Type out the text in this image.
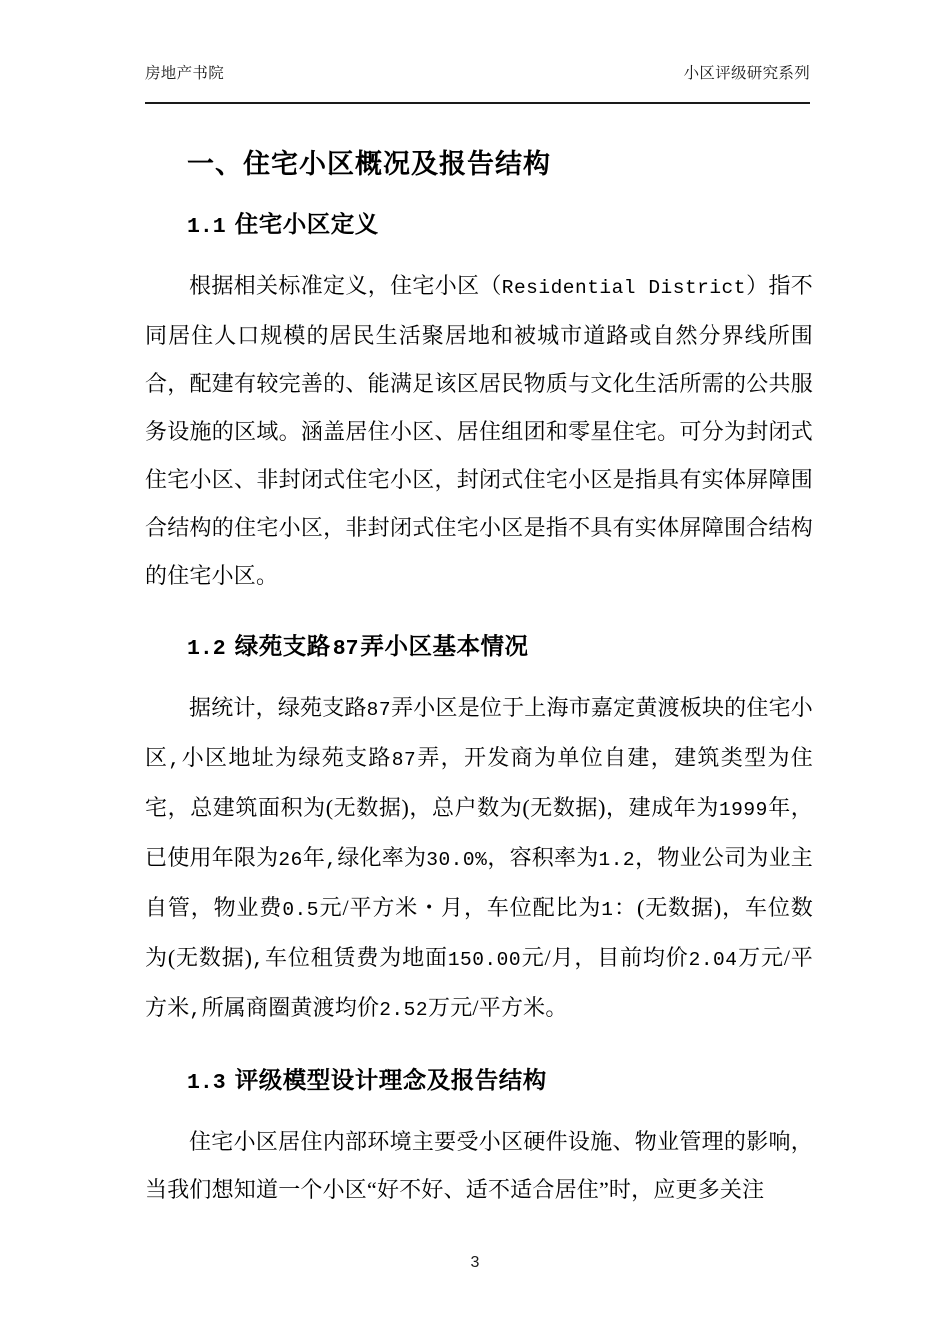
房地产书院	小区评级研究系列
一、住宅小区概况及报告结构
1.1 住宅小区定义

根据相关标准定义，住宅小区（Residential District）指不同居住人口规模的居民生活聚居地和被城市道路或自然分界线所围合，配建有较完善的、能满足该区居民物质与文化生活所需的公共服务设施的区域。涵盖居住小区、居住组团和零星住宅。可分为封闭式住宅小区、非封闭式住宅小区，封闭式住宅小区是指具有实体屏障围合结构的住宅小区，非封闭式住宅小区是指不具有实体屏障围合结构的住宅小区。

1.2 绿苑支路87弄小区基本情况

据统计，绿苑支路87弄小区是位于上海市嘉定黄渡板块的住宅小区,小区地址为绿苑支路87弄，开发商为单位自建，建筑类型为住宅，总建筑面积为(无数据)，总户数为(无数据)，建成年为1999年，已使用年限为26年,绿化率为30.0%，容积率为1.2，物业公司为业主自管，物业费0.5元/平方米・月，车位配比为1：(无数据)，车位数为(无数据),车位租赁费为地面150.00元/月，目前均价2.04万元/平方米,所属商圈黄渡均价2.52万元/平方米。

1.3 评级模型设计理念及报告结构

住宅小区居住内部环境主要受小区硬件设施、物业管理的影响，当我们想知道一个小区“好不好、适不适合居住”时，应更多关注

3
